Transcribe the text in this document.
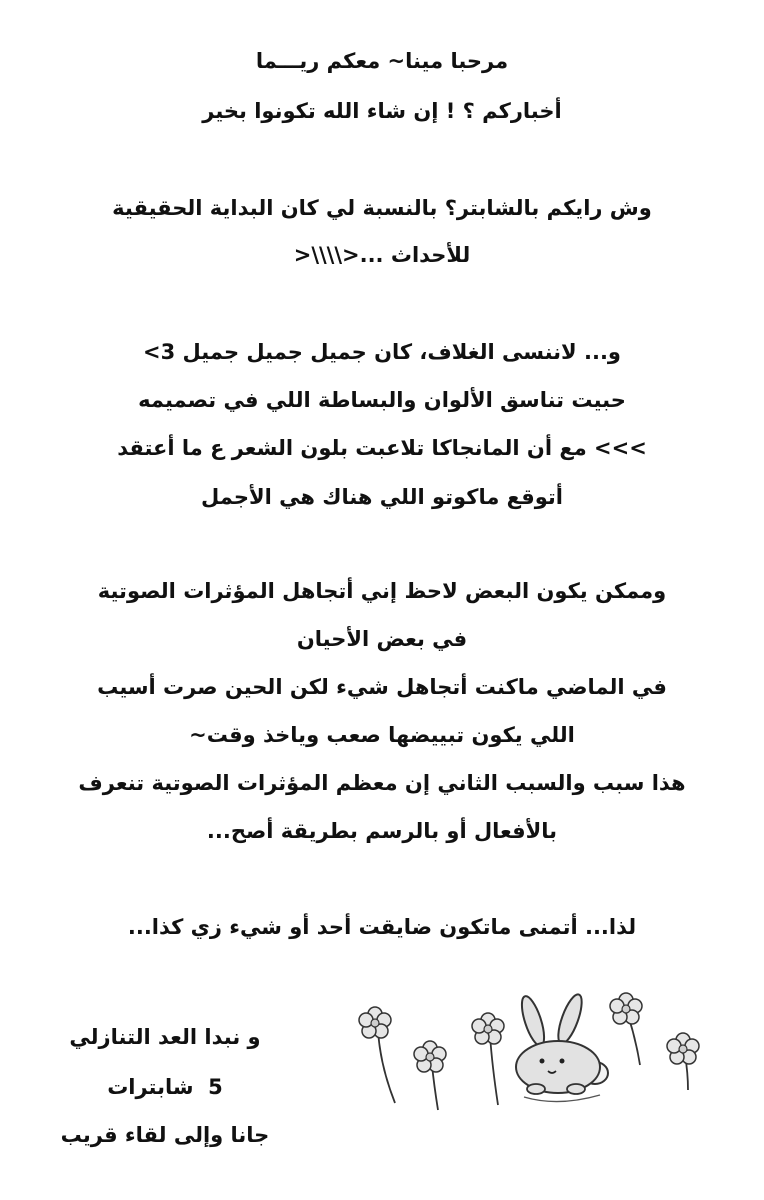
مرحبا مينا~ معكم ريـــما
أخباركم ؟ ! إن شاء الله تكونوا بخير
وش رايكم بالشابتر؟ بالنسبة لي كان البداية الحقيقية
للأحداث ...<\\\\<
و... لاننسى الغلاف، كان جميل جميل جميل 3>
حبيت تناسق الألوان والبساطة اللي في تصميمه
>>> مع أن المانجاكا تلاعبت بلون الشعر ع ما أعتقد
أتوقع ماكوتو اللي هناك هي الأجمل
وممكن يكون البعض لاحظ إني أتجاهل المؤثرات الصوتية
في بعض الأحيان
في الماضي ماكنت أتجاهل شيء لكن الحين صرت أسيب
اللي يكون تبييضها صعب وياخذ وقت~
هذا سبب والسبب الثاني إن معظم المؤثرات الصوتية تنعرف
بالأفعال أو بالرسم بطريقة أصح...
لذا... أتمنى ماتكون ضايقت أحد أو شيء زي كذا...
و نبدا العد التنازلي
5  شابترات
جانا وإلى لقاء قريب
